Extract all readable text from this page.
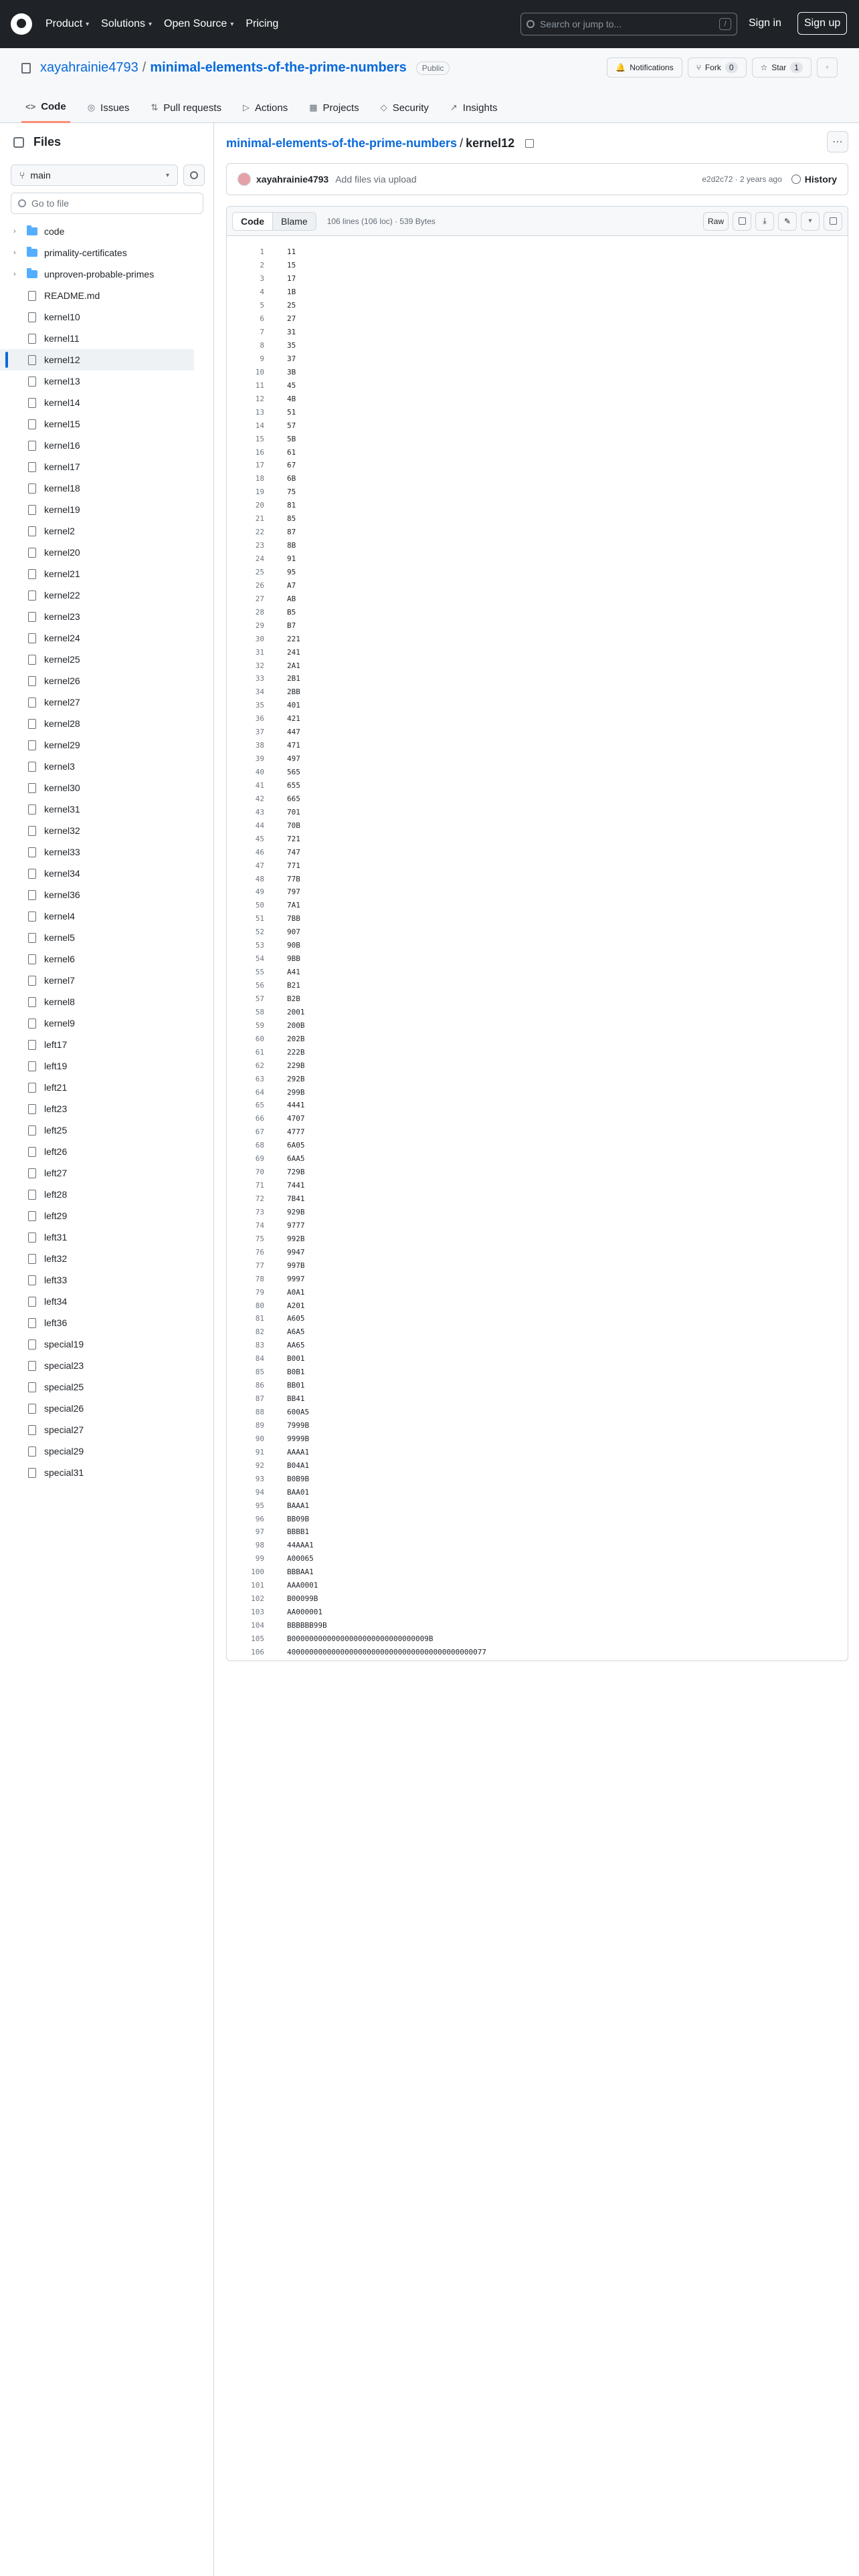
Product ▾ Solutions ▾ Open Source ▾ Pricing	Search or jump to...	/	Sign in	Sign up
xayahrainie4793 / minimal-elements-of-the-prime-numbers	Public	🔔 Notifications	⑂ Fork	0	☆ Star	1	▾
<> Code ◎ Issues ⇅ Pull requests ▷ Actions ▦ Projects ◇ Security ↗ Insights
Files
⑂ main	▾
Go to file
›	code
›	primality-certificates
›	unproven-probable-primes
README.md
kernel10
kernel11
kernel12
kernel13
kernel14
kernel15
kernel16
kernel17
kernel18
kernel19
kernel2
kernel20
kernel21
kernel22
kernel23
kernel24
kernel25
kernel26
kernel27
kernel28
kernel29
kernel3
kernel30
kernel31
kernel32
kernel33
kernel34
kernel36
kernel4
kernel5
kernel6
kernel7
kernel8
kernel9
left17
left19
left21
left23
left25
left26
left27
left28
left29
left31
left32
left33
left34
left36
special19
special23
special25
special26
special27
special29
special31
minimal-elements-of-the-prime-numbers / kernel12	⋯
xayahrainie4793 Add files via upload	e2d2c72 · 2 years ago History
Code	Blame	106 lines (106 loc) · 539 Bytes	Raw	⤓ ✎	▾
1	11
2	15
3	17
4	1B
5	25
6	27
7	31
8	35
9	37
10	3B
11	45
12	4B
13	51
14	57
15	5B
16	61
17	67
18	6B
19	75
20	81
21	85
22	87
23	8B
24	91
25	95
26	A7
27	AB
28	B5
29	B7
30	221
31	241
32	2A1
33	2B1
34	2BB
35	401
36	421
37	447
38	471
39	497
40	565
41	655
42	665
43	701
44	70B
45	721
46	747
47	771
48	77B
49	797
50	7A1
51	7BB
52	907
53	90B
54	9BB
55	A41
56	B21
57	B2B
58	2001
59	200B
60	202B
61	222B
62	229B
63	292B
64	299B
65	4441
66	4707
67	4777
68	6A05
69	6AA5
70	729B
71	7441
72	7B41
73	929B
74	9777
75	992B
76	9947
77	997B
78	9997
79	A0A1
80	A201
81	A605
82	A6A5
83	AA65
84	B001
85	B0B1
86	BB01
87	BB41
88	600A5
89	7999B
90	9999B
91	AAAA1
92	B04A1
93	B0B9B
94	BAA01
95	BAAA1
96	BB09B
97	BBBB1
98	44AAA1
99	A00065
100	BBBAA1
101	AAA0001
102	B00099B
103	AA000001
104	BBBBBB99B
105	B0000000000000000000000000000009B
106	400000000000000000000000000000000000000000077
